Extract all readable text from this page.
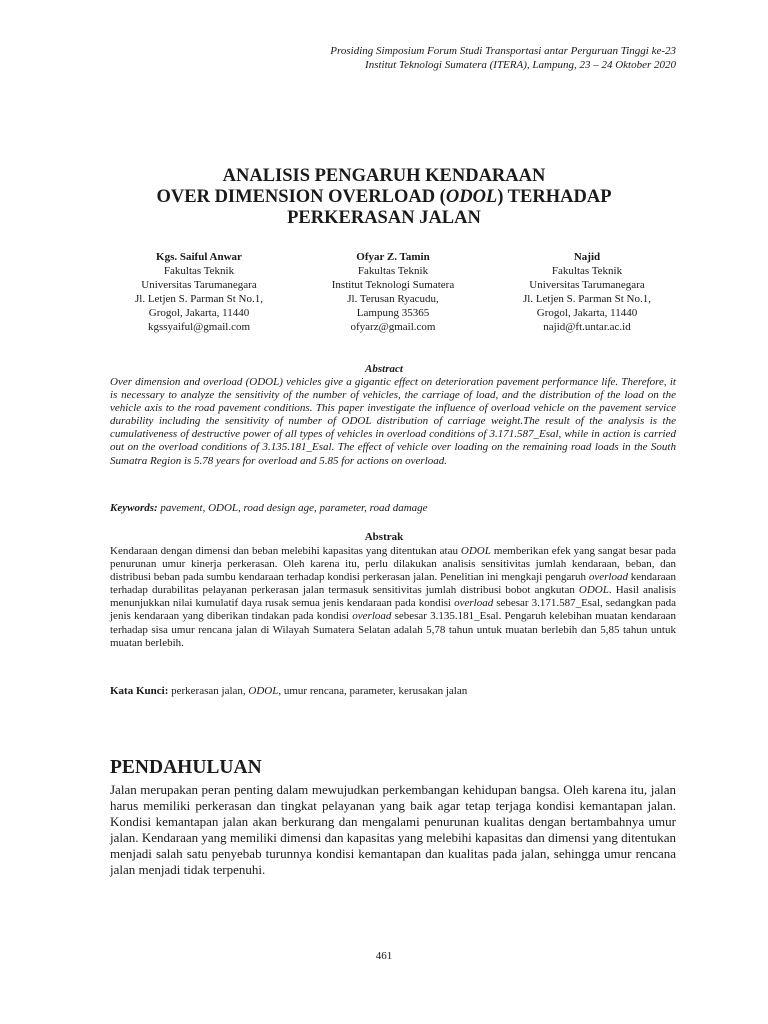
Prosiding Simposium Forum Studi Transportasi antar Perguruan Tinggi ke-23
Institut Teknologi Sumatera (ITERA), Lampung, 23 – 24 Oktober 2020
ANALISIS PENGARUH KENDARAAN
OVER DIMENSION OVERLOAD (ODOL) TERHADAP
PERKERASAN JALAN
Kgs. Saiful Anwar
Fakultas Teknik
Universitas Tarumanegara
Jl. Letjen S. Parman St No.1,
Grogol, Jakarta, 11440
kgssyaiful@gmail.com
Ofyar Z. Tamin
Fakultas Teknik
Institut Teknologi Sumatera
Jl. Terusan Ryacudu,
Lampung 35365
ofyarz@gmail.com
Najid
Fakultas Teknik
Universitas Tarumanegara
Jl. Letjen S. Parman St No.1,
Grogol, Jakarta, 11440
najid@ft.untar.ac.id
Abstract
Over dimension and overload (ODOL) vehicles give a gigantic effect on deterioration pavement performance life. Therefore, it is necessary to analyze the sensitivity of the number of vehicles, the carriage of load, and the distribution of the load on the vehicle axis to the road pavement conditions. This paper investigate the influence of overload vehicle on the pavement service durability including the sensitivity of number of ODOL distribution of carriage weight.The result of the analysis is the cumulativeness of destructive power of all types of vehicles in overload conditions of 3.171.587_Esal, while in action is carried out on the overload conditions of 3.135.181_Esal. The effect of vehicle over loading on the remaining road loads in the South Sumatra Region is 5.78 years for overload and 5.85 for actions on overload.
Keywords: pavement, ODOL, road design age, parameter, road damage
Abstrak
Kendaraan dengan dimensi dan beban melebihi kapasitas yang ditentukan atau ODOL memberikan efek yang sangat besar pada penurunan umur kinerja perkerasan. Oleh karena itu, perlu dilakukan analisis sensitivitas jumlah kendaraan, beban, dan distribusi beban pada sumbu kendaraan terhadap kondisi perkerasan jalan. Penelitian ini mengkaji pengaruh overload kendaraan terhadap durabilitas pelayanan perkerasan jalan termasuk sensitivitas jumlah distribusi bobot angkutan ODOL. Hasil analisis menunjukkan nilai kumulatif daya rusak semua jenis kendaraan pada kondisi overload sebesar 3.171.587_Esal, sedangkan pada jenis kendaraan yang diberikan tindakan pada kondisi overload sebesar 3.135.181_Esal. Pengaruh kelebihan muatan kendaraan terhadap sisa umur rencana jalan di Wilayah Sumatera Selatan adalah 5,78 tahun untuk muatan berlebih dan 5,85 tahun untuk muatan berlebih.
Kata Kunci: perkerasan jalan, ODOL, umur rencana, parameter, kerusakan jalan
PENDAHULUAN
Jalan merupakan peran penting dalam mewujudkan perkembangan kehidupan bangsa. Oleh karena itu, jalan harus memiliki perkerasan dan tingkat pelayanan yang baik agar tetap terjaga kondisi kemantapan jalan. Kondisi kemantapan jalan akan berkurang dan mengalami penurunan kualitas dengan bertambahnya umur jalan. Kendaraan yang memiliki dimensi dan kapasitas yang melebihi kapasitas dan dimensi yang ditentukan menjadi salah satu penyebab turunnya kondisi kemantapan dan kualitas pada jalan, sehingga umur rencana jalan menjadi tidak terpenuhi.
461
